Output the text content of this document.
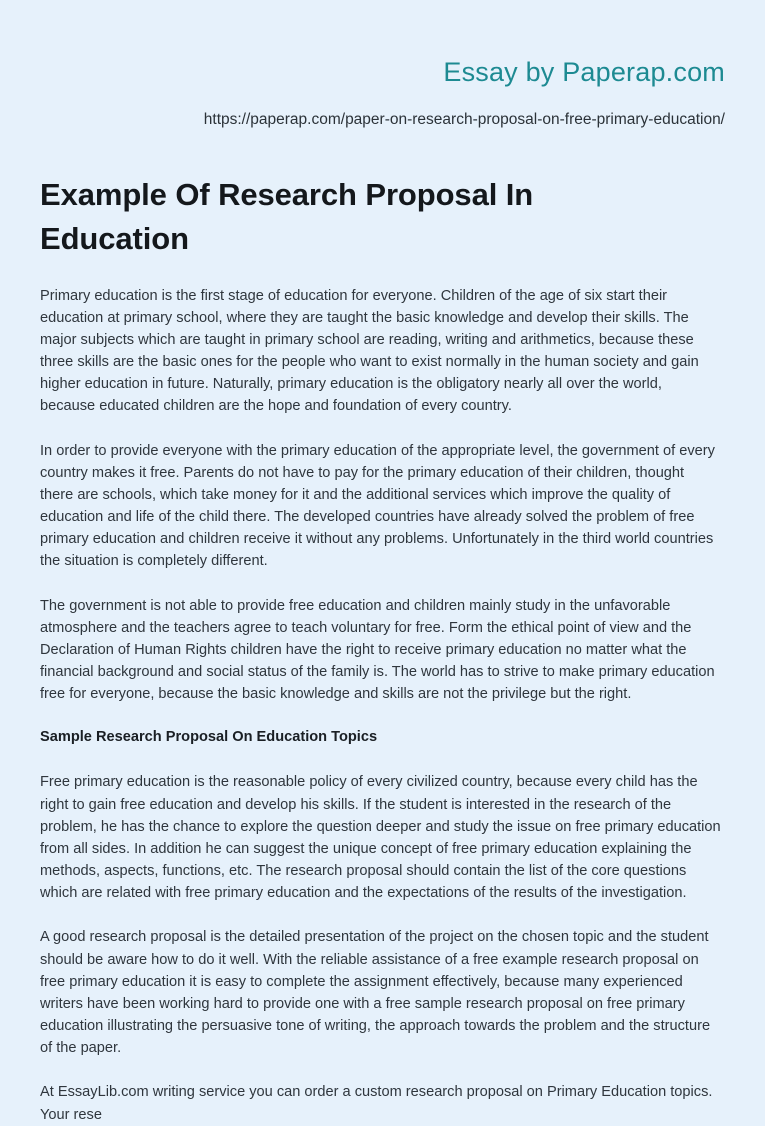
Essay by Paperap.com
https://paperap.com/paper-on-research-proposal-on-free-primary-education/
Example Of Research Proposal In Education

Primary education is the first stage of education for everyone. Children of the age of six start their education at primary school, where they are taught the basic knowledge and develop their skills. The major subjects which are taught in primary school are reading, writing and arithmetics, because these three skills are the basic ones for the people who want to exist normally in the human society and gain higher education in future. Naturally, primary education is the obligatory nearly all over the world, because educated children are the hope and foundation of every country.

In order to provide everyone with the primary education of the appropriate level, the government of every country makes it free. Parents do not have to pay for the primary education of their children, thought there are schools, which take money for it and the additional services which improve the quality of education and life of the child there. The developed countries have already solved the problem of free primary education and children receive it without any problems. Unfortunately in the third world countries the situation is completely different.

The government is not able to provide free education and children mainly study in the unfavorable atmosphere and the teachers agree to teach voluntary for free. Form the ethical point of view and the Declaration of Human Rights children have the right to receive primary education no matter what the financial background and social status of the family is. The world has to strive to make primary education free for everyone, because the basic knowledge and skills are not the privilege but the right.

Sample Research Proposal On Education Topics

Free primary education is the reasonable policy of every civilized country, because every child has the right to gain free education and develop his skills. If the student is interested in the research of the problem, he has the chance to explore the question deeper and study the issue on free primary education from all sides. In addition he can suggest the unique concept of free primary education explaining the methods, aspects, functions, etc. The research proposal should contain the list of the core questions which are related with free primary education and the expectations of the results of the investigation.

A good research proposal is the detailed presentation of the project on the chosen topic and the student should be aware how to do it well. With the reliable assistance of a free example research proposal on free primary education it is easy to complete the assignment effectively, because many experienced writers have been working hard to provide one with a free sample research proposal on free primary education illustrating the persuasive tone of writing, the approach towards the problem and the structure of the paper.

At EssayLib.com writing service you can order a custom research proposal on Primary Education topics. Your rese
